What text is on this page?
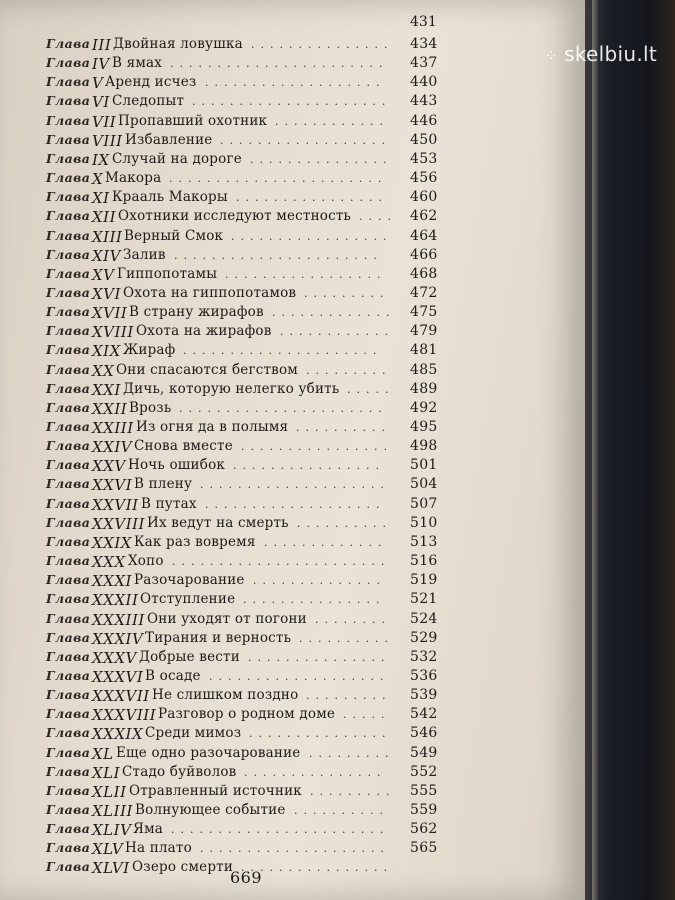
431
Глава III Двойная ловушка ............... 434
Глава IV В ямах ....................... 437
Глава V Аренд исчез ................... 440
Глава VI Следопыт ..................... 443
Глава VII Пропавший охотник ............ 446
Глава VIII Избавление .................. 450
Глава IX Случай на дороге ............... 453
Глава X Макора ....................... 456
Глава XI Крааль Макоры ................ 460
Глава XII Охотники исследуют местность .... 462
Глава XIII Верный Смок ................. 464
Глава XIV Залив ...................... 466
Глава XV Гиппопотамы ................. 468
Глава XVI Охота на гиппопотамов ......... 472
Глава XVII В страну жирафов ............. 475
Глава XVIII Охота на жирафов ............ 479
Глава XIX Жираф ..................... 481
Глава XX Они спасаются бегством ......... 485
Глава XXI Дичь, которую нелегко убить ..... 489
Глава XXII Врозь ...................... 492
Глава XXIII Из огня да в полымя .......... 495
Глава XXIV Снова вместе ................ 498
Глава XXV Ночь ошибок ................ 501
Глава XXVI В плену .................... 504
Глава XXVII В путах ................... 507
Глава XXVIII Их ведут на смерть .......... 510
Глава XXIX Как раз вовремя ............. 513
Глава XXX Хопо ....................... 516
Глава XXXI Разочарование .............. 519
Глава XXXII Отступление ............... 521
Глава XXXIII Они уходят от погони ........ 524
Глава XXXIV Тирания и верность .......... 529
Глава XXXV Добрые вести ............... 532
Глава XXXVI В осаде ................... 536
Глава XXXVII Не слишком поздно ......... 539
Глава XXXVIII Разговор о родном доме ..... 542
Глава XXXIX Среди мимоз ............... 546
Глава XL Еще одно разочарование ......... 549
Глава XLI Стадо буйволов ............... 552
Глава XLII Отравленный источник ......... 555
Глава XLIII Волнующее событие .......... 559
Глава XLIV Яма ....................... 562
Глава XLV На плато .................... 565
Глава XLVI Озеро смерти ................
669
⁘ skelbiu.lt
